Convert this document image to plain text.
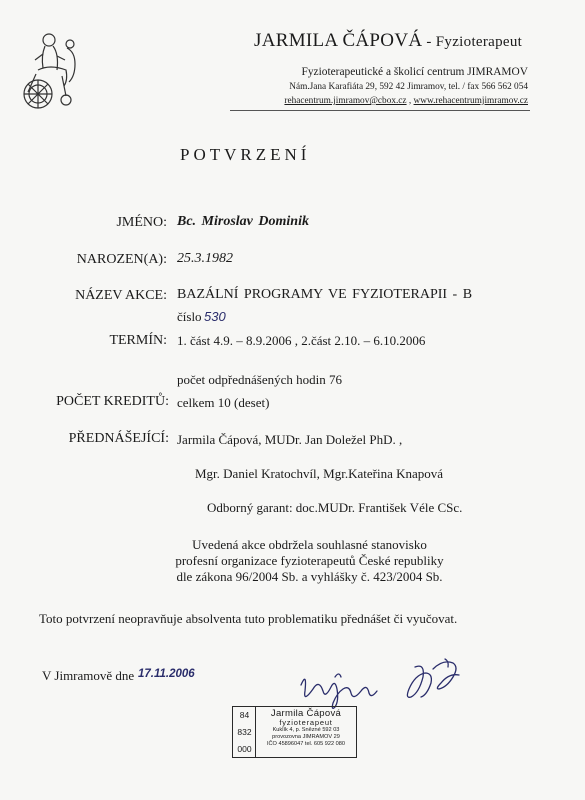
JARMILA ČÁPOVÁ - Fyzioterapeut
Fyzioterapeutické a školicí centrum JIMRAMOV
Nám.Jana Karafiáta 29, 592 42 Jimramov, tel. / fax 566 562 054
rehacentrum.jimramov@cbox.cz , www.rehacentrumjimramov.cz
POTVRZENÍ
JMÉNO: Bc. Miroslav Dominik
NAROZEN(A): 25.3.1982
NÁZEV AKCE: BAZÁLNÍ PROGRAMY VE FYZIOTERAPII - B
číslo 530
TERMÍN: 1. část 4.9. – 8.9.2006 , 2.část 2.10. – 6.10.2006
počet odpřednášených hodin 76
POČET KREDITŮ: celkem 10 (deset)
PŘEDNÁŠEJÍCÍ: Jarmila Čápová, MUDr. Jan Doležel PhD. ,
Mgr. Daniel Kratochvíl, Mgr.Kateřina Knapová
Odborný garant: doc.MUDr. František Véle CSc.
Uvedená akce obdržela souhlasné stanovisko
profesní organizace fyzioterapeutů České republiky
dle zákona 96/2004 Sb. a vyhlášky č. 423/2004 Sb.
Toto potvrzení neopravňuje absolventa tuto problematiku přednášet či vyučovat.
V Jimramově dne 17.11.2006
84
832
000
Jarmila Čápová
fyzioterapeut
Kuklík 4, p. Snězné 592 03
provozovna JIMRAMOV 29
IČO 45896047 tel. 605 922 080
